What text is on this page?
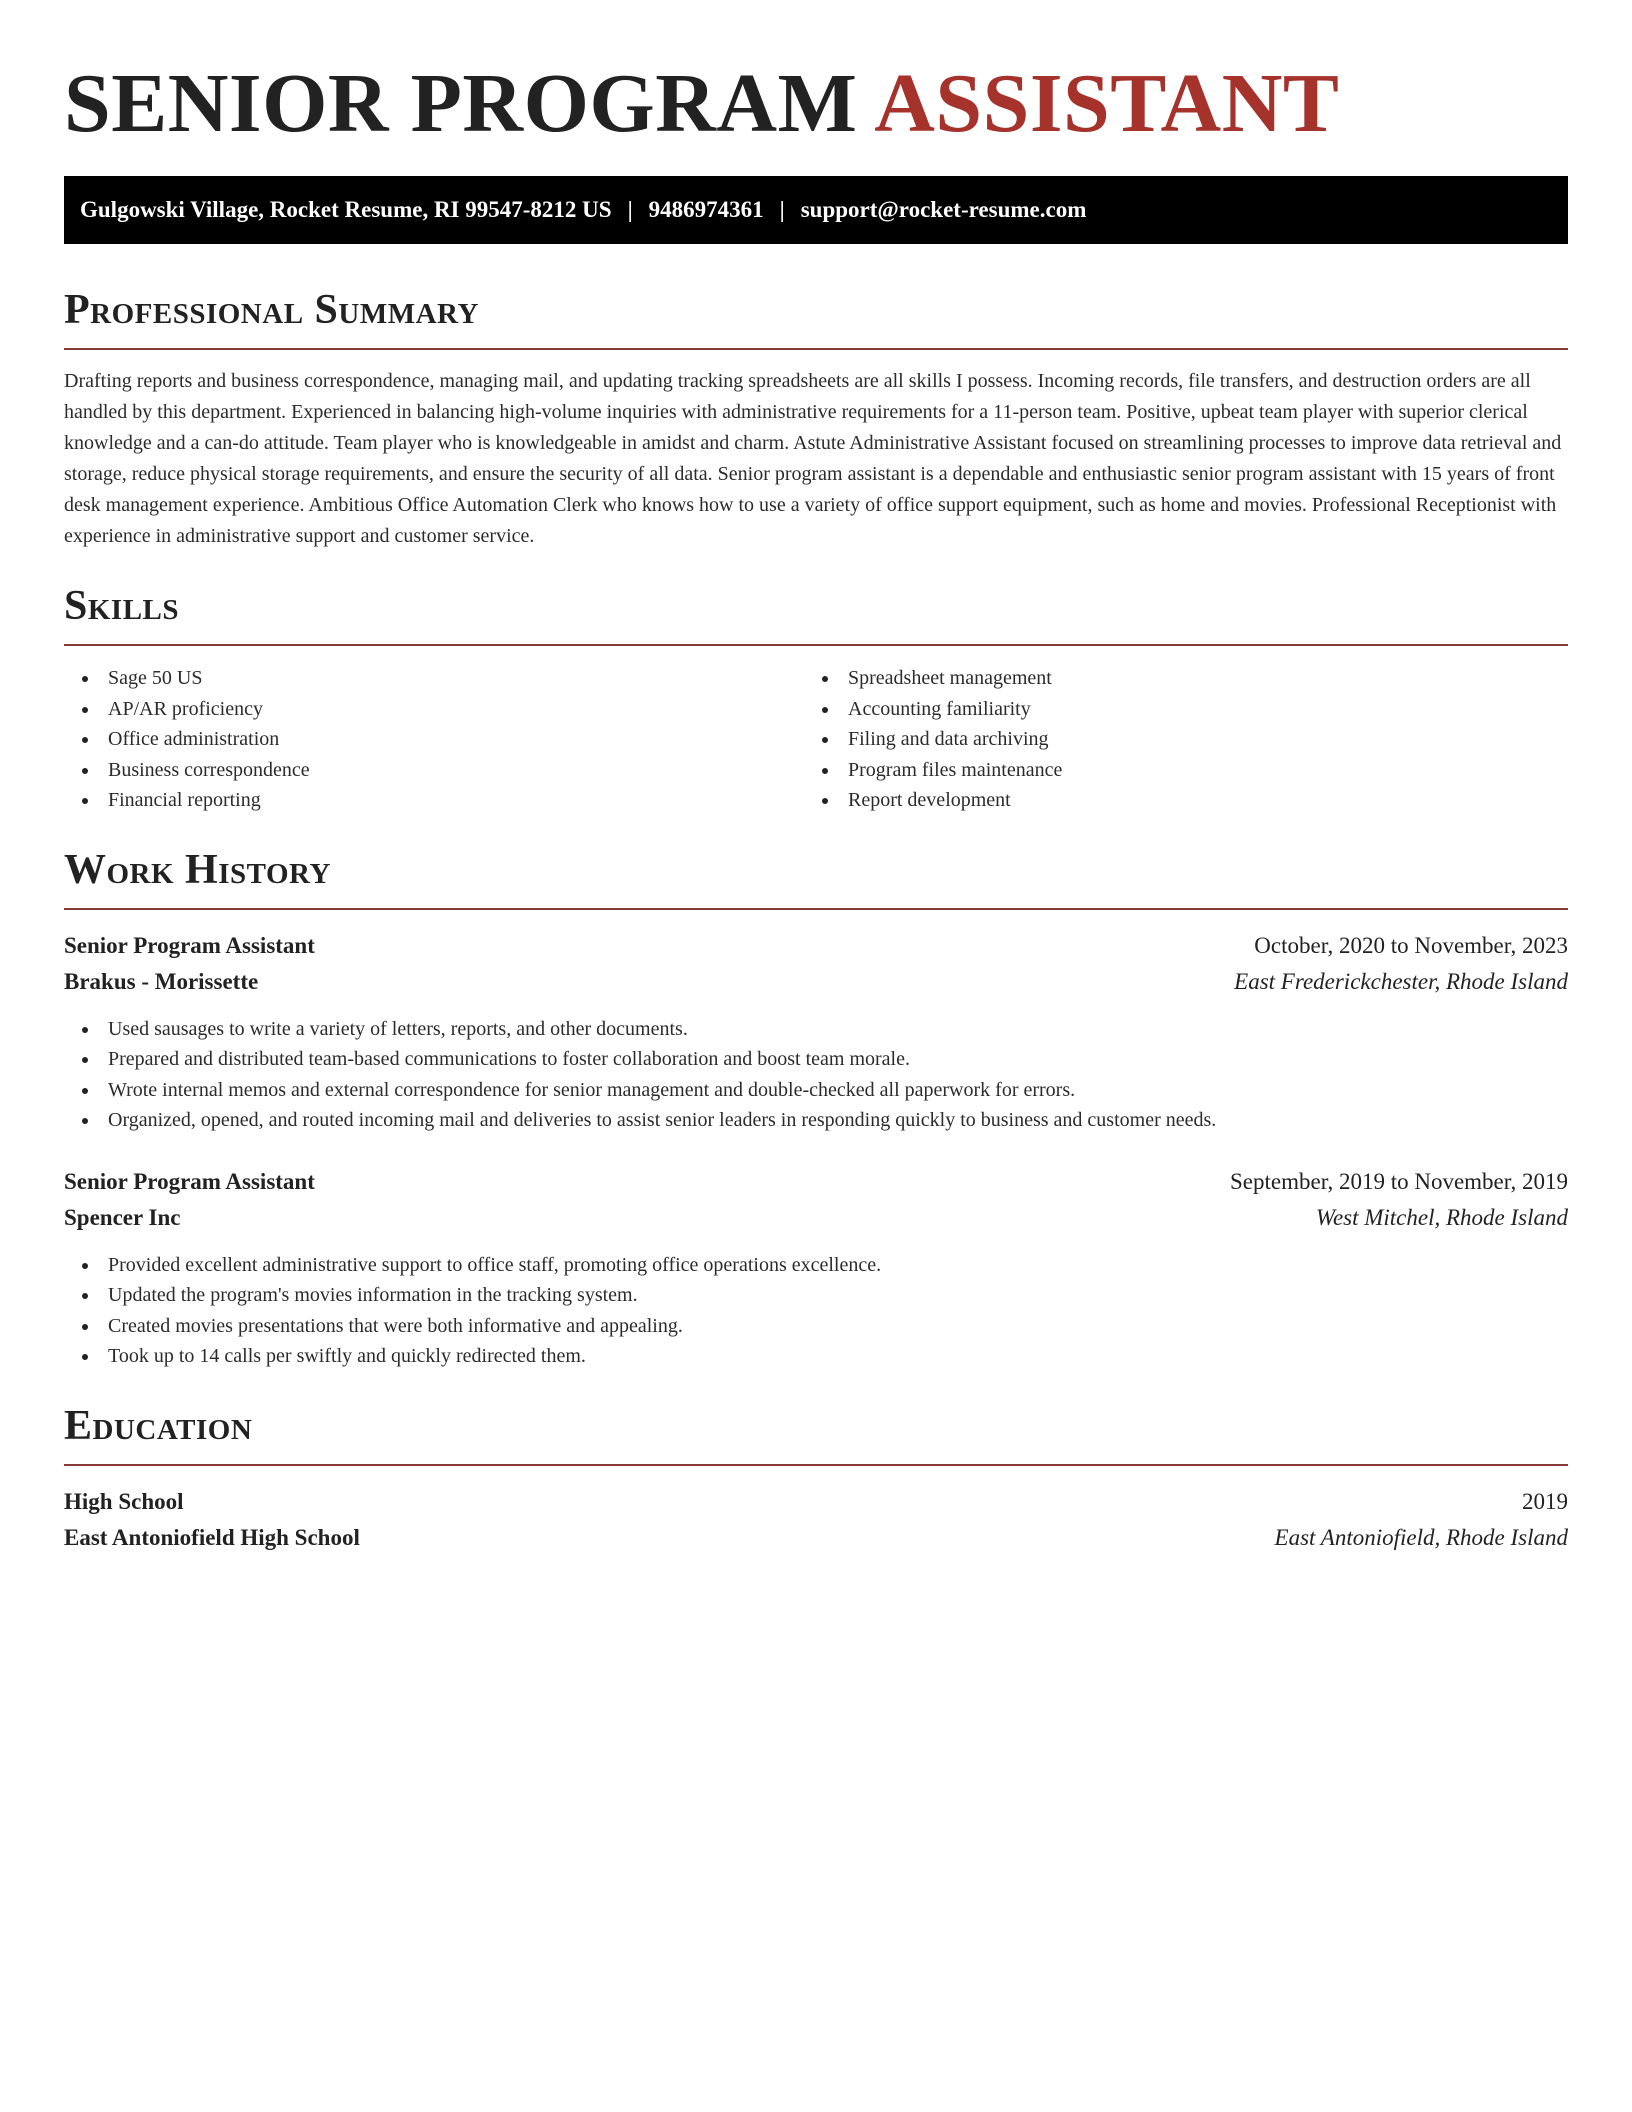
SENIOR PROGRAM ASSISTANT
Gulgowski Village, Rocket Resume, RI 99547-8212 US | 9486974361 | support@rocket-resume.com
Professional Summary

Drafting reports and business correspondence, managing mail, and updating tracking spreadsheets are all skills I possess. Incoming records, file transfers, and destruction orders are all handled by this department. Experienced in balancing high-volume inquiries with administrative requirements for a 11-person team. Positive, upbeat team player with superior clerical knowledge and a can-do attitude. Team player who is knowledgeable in amidst and charm. Astute Administrative Assistant focused on streamlining processes to improve data retrieval and storage, reduce physical storage requirements, and ensure the security of all data. Senior program assistant is a dependable and enthusiastic senior program assistant with 15 years of front desk management experience. Ambitious Office Automation Clerk who knows how to use a variety of office support equipment, such as home and movies. Professional Receptionist with experience in administrative support and customer service.

Skills
Sage 50 US
AP/AR proficiency
Office administration
Business correspondence
Financial reporting
Spreadsheet management
Accounting familiarity
Filing and data archiving
Program files maintenance
Report development
Work History
Senior Program Assistant	October, 2020 to November, 2023
Brakus - Morissette	East Frederickchester, Rhode Island
Used sausages to write a variety of letters, reports, and other documents.
Prepared and distributed team-based communications to foster collaboration and boost team morale.
Wrote internal memos and external correspondence for senior management and double-checked all paperwork for errors.
Organized, opened, and routed incoming mail and deliveries to assist senior leaders in responding quickly to business and customer needs.
Senior Program Assistant	September, 2019 to November, 2019
Spencer Inc	West Mitchel, Rhode Island
Provided excellent administrative support to office staff, promoting office operations excellence.
Updated the program's movies information in the tracking system.
Created movies presentations that were both informative and appealing.
Took up to 14 calls per swiftly and quickly redirected them.
Education
High School	2019
East Antoniofield High School	East Antoniofield, Rhode Island
